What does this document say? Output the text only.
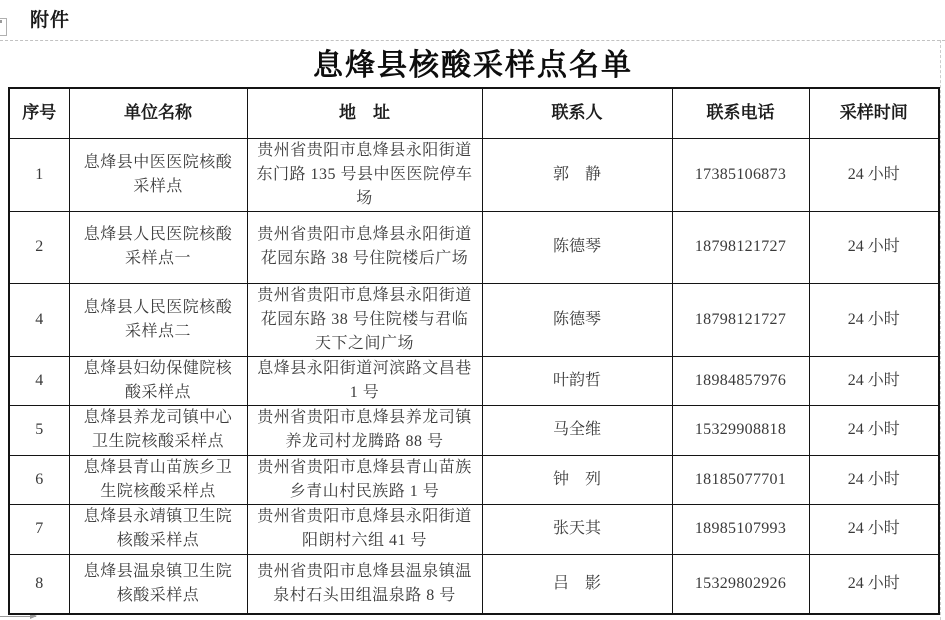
附件
息烽县核酸采样点名单
序号	单位名称	地　址	联系人	联系电话	采样时间
1	息烽县中医医院核酸采样点	贵州省贵阳市息烽县永阳街道东门路 135 号县中医医院停车场	郭　静	17385106873	24 小时
2	息烽县人民医院核酸采样点一	贵州省贵阳市息烽县永阳街道花园东路 38 号住院楼后广场	陈德琴	18798121727	24 小时
4	息烽县人民医院核酸采样点二	贵州省贵阳市息烽县永阳街道花园东路 38 号住院楼与君临天下之间广场	陈德琴	18798121727	24 小时
4	息烽县妇幼保健院核酸采样点	息烽县永阳街道河滨路文昌巷 1 号	叶韵哲	18984857976	24 小时
5	息烽县养龙司镇中心卫生院核酸采样点	贵州省贵阳市息烽县养龙司镇养龙司村龙腾路 88 号	马全维	15329908818	24 小时
6	息烽县青山苗族乡卫生院核酸采样点	贵州省贵阳市息烽县青山苗族乡青山村民族路 1 号	钟　列	18185077701	24 小时
7	息烽县永靖镇卫生院核酸采样点	贵州省贵阳市息烽县永阳街道阳朗村六组 41 号	张天其	18985107993	24 小时
8	息烽县温泉镇卫生院核酸采样点	贵州省贵阳市息烽县温泉镇温泉村石头田组温泉路 8 号	吕　影	15329802926	24 小时
